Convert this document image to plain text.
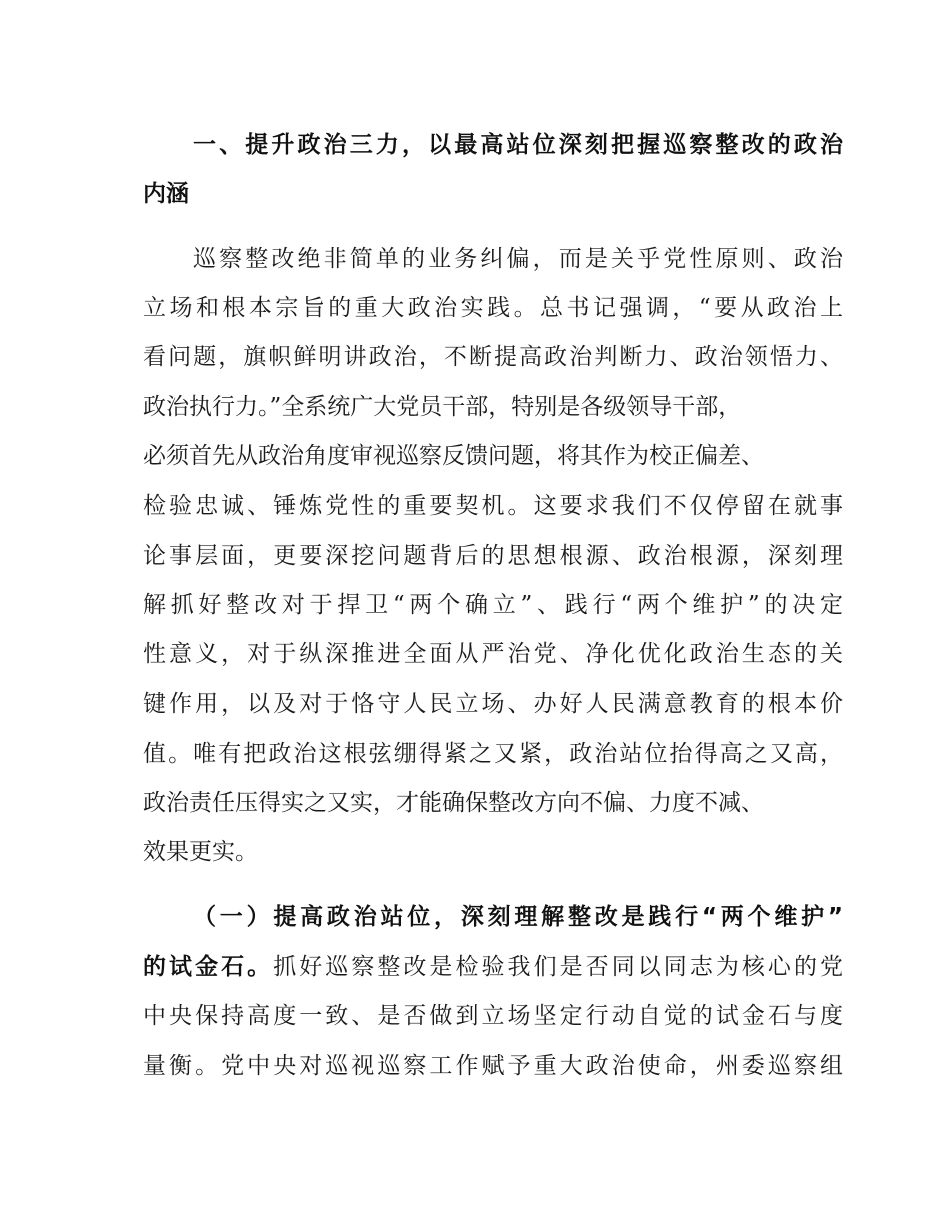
一、提升政治三力，以最高站位深刻把握巡察整改的政治
内涵
巡察整改绝非简单的业务纠偏，而是关乎党性原则、政治
立场和根本宗旨的重大政治实践。总书记强调，“要从政治上
看问题，旗帜鲜明讲政治，不断提高政治判断力、政治领悟力、
政治执行力。”全系统广大党员干部，特别是各级领导干部，
必须首先从政治角度审视巡察反馈问题，将其作为校正偏差、
检验忠诚、锤炼党性的重要契机。这要求我们不仅停留在就事
论事层面，更要深挖问题背后的思想根源、政治根源，深刻理
解抓好整改对于捍卫“两个确立”、践行“两个维护”的决定
性意义，对于纵深推进全面从严治党、净化优化政治生态的关
键作用，以及对于恪守人民立场、办好人民满意教育的根本价
值。唯有把政治这根弦绷得紧之又紧，政治站位抬得高之又高，
政治责任压得实之又实，才能确保整改方向不偏、力度不减、
效果更实。
（一）提高政治站位，深刻理解整改是践行“两个维护”
的试金石。抓好巡察整改是检验我们是否同以同志为核心的党
中央保持高度一致、是否做到立场坚定行动自觉的试金石与度
量衡。党中央对巡视巡察工作赋予重大政治使命，州委巡察组
